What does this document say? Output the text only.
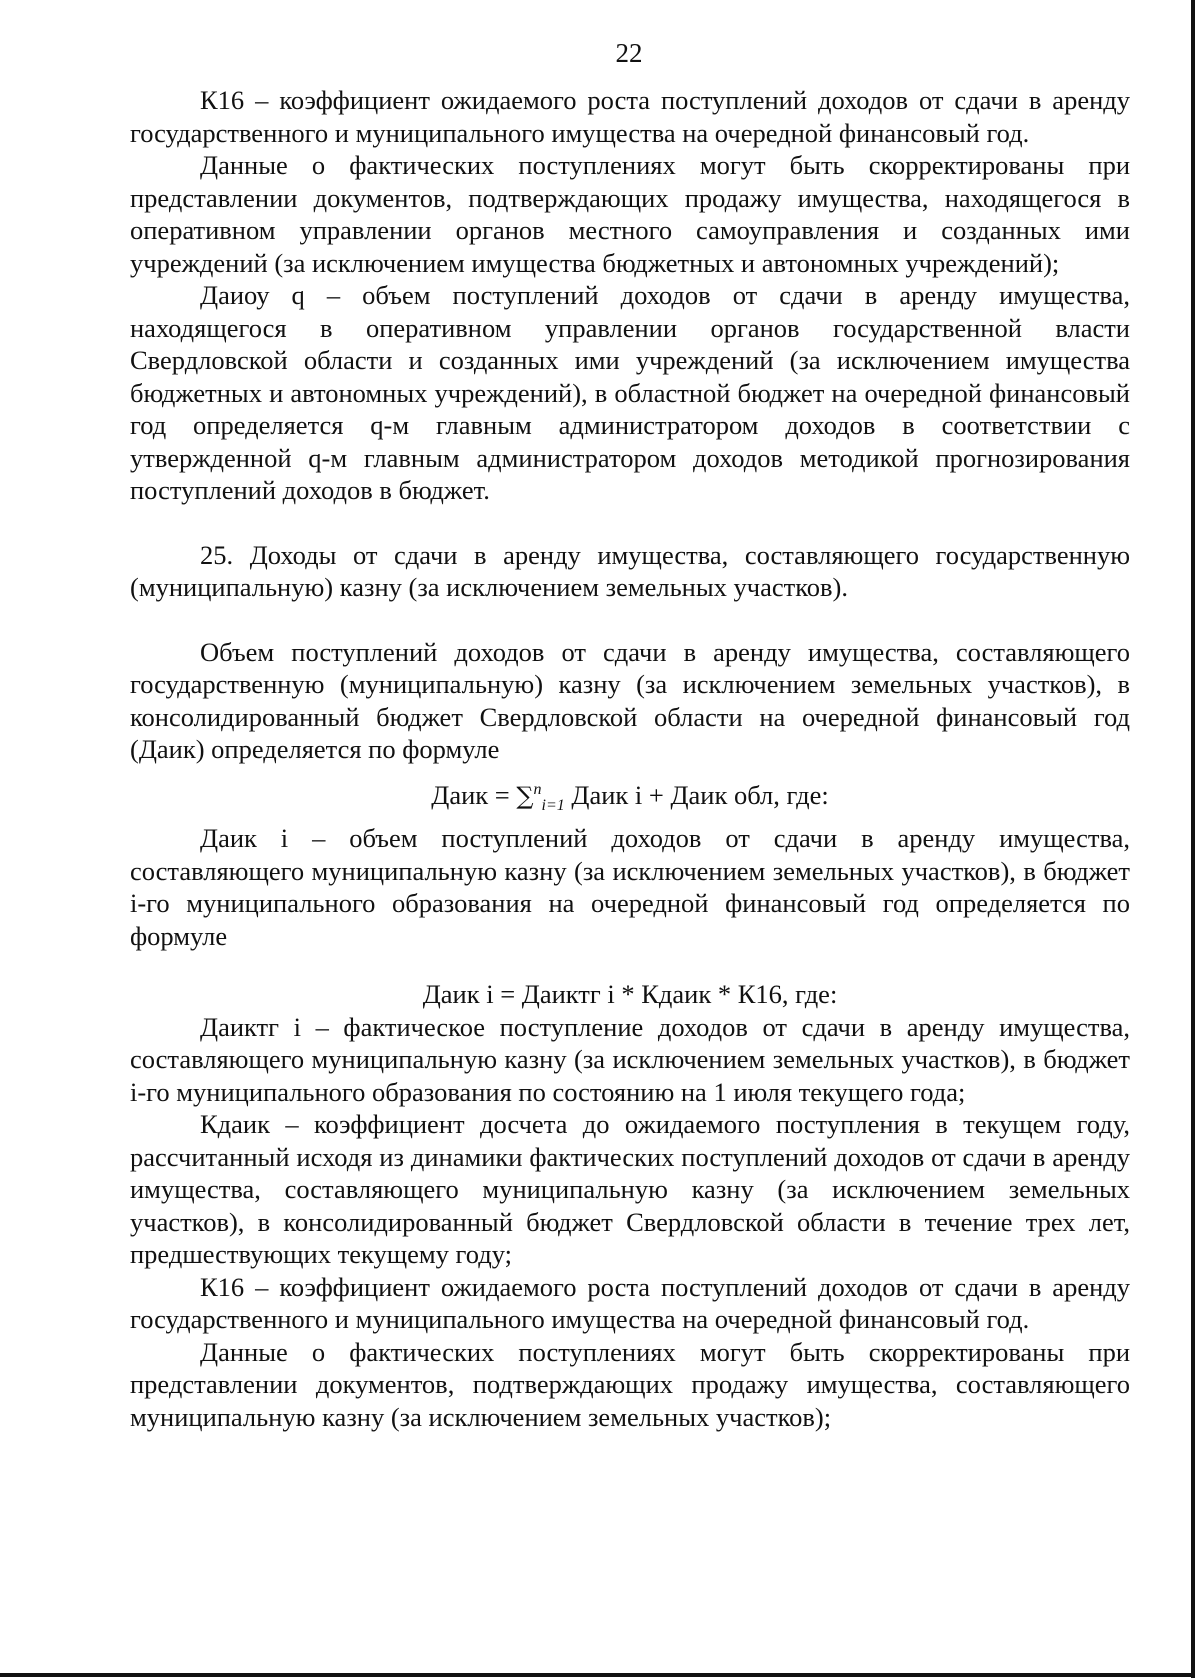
22

К16 – коэффициент ожидаемого роста поступлений доходов от сдачи в аренду государственного и муниципального имущества на очередной финансовый год.

Данные о фактических поступлениях могут быть скорректированы при представлении документов, подтверждающих продажу имущества, находящегося в оперативном управлении органов местного самоуправления и созданных ими учреждений (за исключением имущества бюджетных и автономных учреждений);

Даиоу q – объем поступлений доходов от сдачи в аренду имущества, находящегося в оперативном управлении органов государственной власти Свердловской области и созданных ими учреждений (за исключением имущества бюджетных и автономных учреждений), в областной бюджет на очередной финансовый год определяется q-м главным администратором доходов в соответствии с утвержденной q-м главным администратором доходов методикой прогнозирования поступлений доходов в бюджет.

25. Доходы от сдачи в аренду имущества, составляющего государственную (муниципальную) казну (за исключением земельных участков).

Объем поступлений доходов от сдачи в аренду имущества, составляющего государственную (муниципальную) казну (за исключением земельных участков), в консолидированный бюджет Свердловской области на очередной финансовый год (Даик) определяется по формуле

Даик = ∑$^n_{i=1}$ Даик i + Даик обл, где:

Даик i – объем поступлений доходов от сдачи в аренду имущества, составляющего муниципальную казну (за исключением земельных участков), в бюджет i-го муниципального образования на очередной финансовый год определяется по формуле

Даик i = Даиктг i * Кдаик * К16, где:

Даиктг i – фактическое поступление доходов от сдачи в аренду имущества, составляющего муниципальную казну (за исключением земельных участков), в бюджет i-го муниципального образования по состоянию на 1 июля текущего года;

Кдаик – коэффициент досчета до ожидаемого поступления в текущем году, рассчитанный исходя из динамики фактических поступлений доходов от сдачи в аренду имущества, составляющего муниципальную казну (за исключением земельных участков), в консолидированный бюджет Свердловской области в течение трех лет, предшествующих текущему году;

К16 – коэффициент ожидаемого роста поступлений доходов от сдачи в аренду государственного и муниципального имущества на очередной финансовый год.

Данные о фактических поступлениях могут быть скорректированы при представлении документов, подтверждающих продажу имущества, составляющего муниципальную казну (за исключением земельных участков);
